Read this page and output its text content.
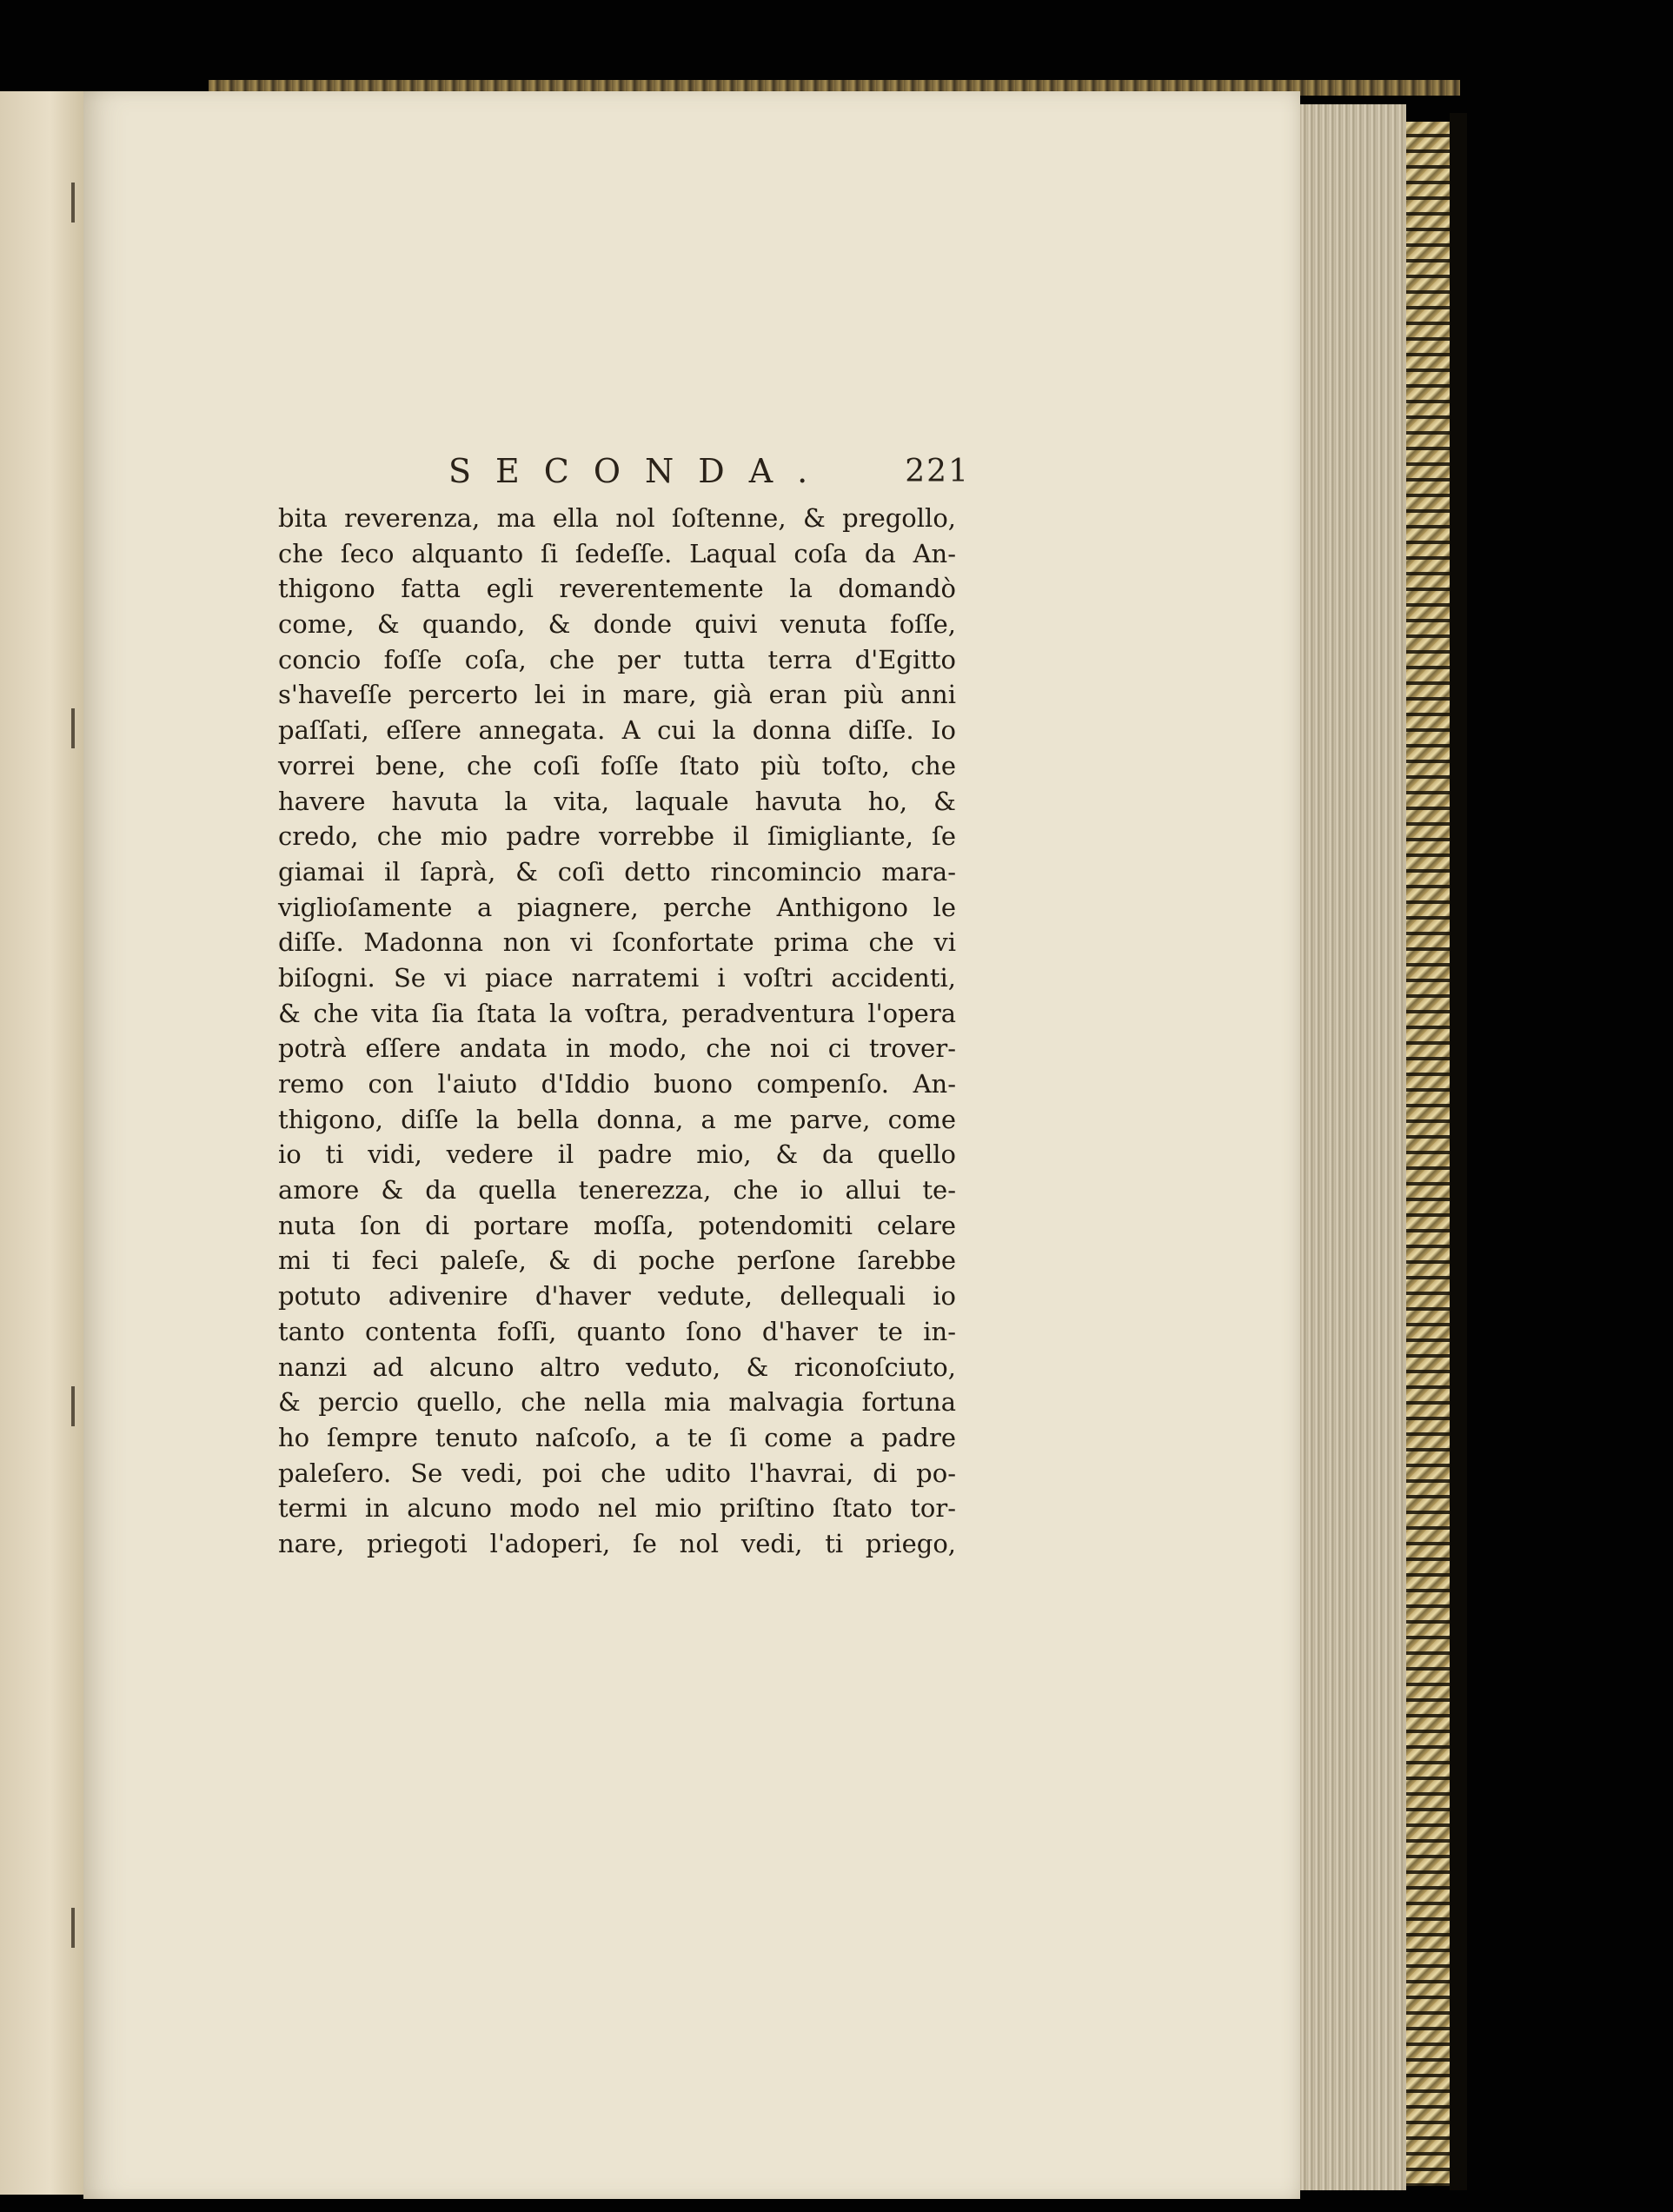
SECONDA. 221
bita reverenza, ma ella nol ſoſtenne, & pregollo,
che ſeco alquanto ſi ſedeſſe. Laqual coſa da An-
thigono fatta egli reverentemente la domandò
come, & quando, & donde quivi venuta foſſe,
concio foſſe coſa, che per tutta terra d'Egitto
s'haveſſe percerto lei in mare, già eran più anni
paſſati, eſſere annegata. A cui la donna diſſe. Io
vorrei bene, che coſi foſſe ſtato più toſto, che
havere havuta la vita, laquale havuta ho, &
credo, che mio padre vorrebbe il ſimigliante, ſe
giamai il ſaprà, & coſi detto rincomincio mara-
viglioſamente a piagnere, perche Anthigono le
diſſe. Madonna non vi ſconfortate prima che vi
biſogni. Se vi piace narratemi i voſtri accidenti,
& che vita ſia ſtata la voſtra, peradventura l'opera
potrà eſſere andata in modo, che noi ci trover-
remo con l'aiuto d'Iddio buono compenſo. An-
thigono, diſſe la bella donna, a me parve, come
io ti vidi, vedere il padre mio, & da quello
amore & da quella tenerezza, che io allui te-
nuta ſon di portare moſſa, potendomiti celare
mi ti feci paleſe, & di poche perſone ſarebbe
potuto adivenire d'haver vedute, dellequali io
tanto contenta foſſi, quanto ſono d'haver te in-
nanzi ad alcuno altro veduto, & riconoſciuto,
& percio quello, che nella mia malvagia fortuna
ho ſempre tenuto naſcoſo, a te ſi come a padre
paleſero. Se vedi, poi che udito l'havrai, di po-
termi in alcuno modo nel mio priſtino ſtato tor-
nare, priegoti l'adoperi, ſe nol vedi, ti priego,
